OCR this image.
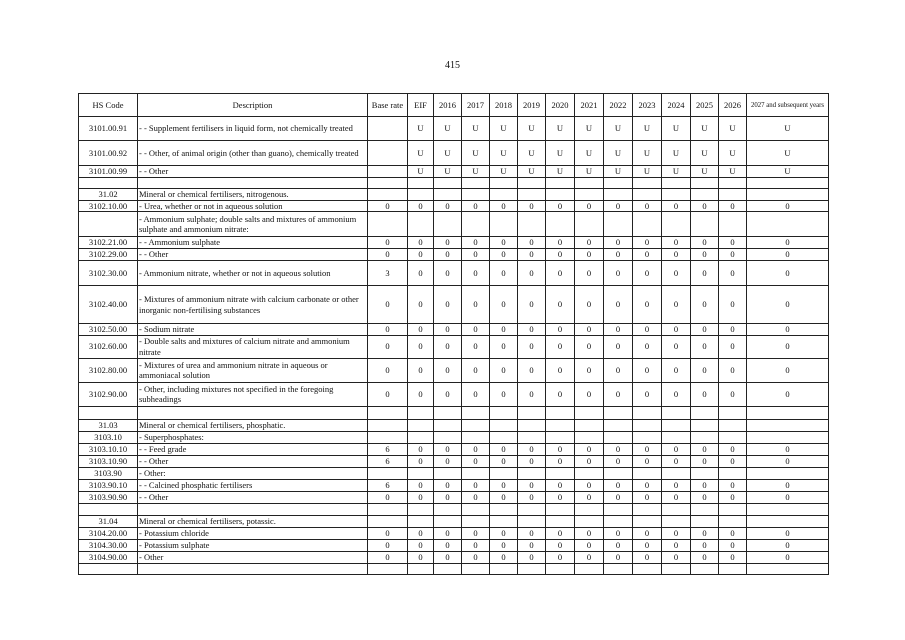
415
HS Code	Description	Base rate	EIF	2016	2017	2018	2019	2020	2021	2022	2023	2024	2025	2026	2027 and subsequent years
3101.00.91	- - Supplement fertilisers in liquid form, not chemically treated		U	U	U	U	U	U	U	U	U	U	U	U	U
3101.00.92	- - Other, of animal origin (other than guano), chemically treated		U	U	U	U	U	U	U	U	U	U	U	U	U
3101.00.99	- - Other		U	U	U	U	U	U	U	U	U	U	U	U	U

31.02	Mineral or chemical fertilisers, nitrogenous.														
3102.10.00	- Urea, whether or not in aqueous solution	0	0	0	0	0	0	0	0	0	0	0	0	0	0
	- Ammonium sulphate; double salts and mixtures of ammonium sulphate and ammonium nitrate:														
3102.21.00	- - Ammonium sulphate	0	0	0	0	0	0	0	0	0	0	0	0	0	0
3102.29.00	- - Other	0	0	0	0	0	0	0	0	0	0	0	0	0	0
3102.30.00	- Ammonium nitrate, whether or not in aqueous solution	3	0	0	0	0	0	0	0	0	0	0	0	0	0
3102.40.00	- Mixtures of ammonium nitrate with calcium carbonate or other inorganic non-fertilising substances	0	0	0	0	0	0	0	0	0	0	0	0	0	0
3102.50.00	- Sodium nitrate	0	0	0	0	0	0	0	0	0	0	0	0	0	0
3102.60.00	- Double salts and mixtures of calcium nitrate and ammonium nitrate	0	0	0	0	0	0	0	0	0	0	0	0	0	0
3102.80.00	- Mixtures of urea and ammonium nitrate in aqueous or ammoniacal solution	0	0	0	0	0	0	0	0	0	0	0	0	0	0
3102.90.00	- Other, including mixtures not specified in the foregoing subheadings	0	0	0	0	0	0	0	0	0	0	0	0	0	0

31.03	Mineral or chemical fertilisers, phosphatic.														
3103.10	- Superphosphates:														
3103.10.10	- - Feed grade	6	0	0	0	0	0	0	0	0	0	0	0	0	0
3103.10.90	- - Other	6	0	0	0	0	0	0	0	0	0	0	0	0	0
3103.90	- Other:														
3103.90.10	- - Calcined phosphatic fertilisers	6	0	0	0	0	0	0	0	0	0	0	0	0	0
3103.90.90	- - Other	0	0	0	0	0	0	0	0	0	0	0	0	0	0

31.04	Mineral or chemical fertilisers, potassic.														
3104.20.00	- Potassium chloride	0	0	0	0	0	0	0	0	0	0	0	0	0	0
3104.30.00	- Potassium sulphate	0	0	0	0	0	0	0	0	0	0	0	0	0	0
3104.90.00	- Other	0	0	0	0	0	0	0	0	0	0	0	0	0	0
